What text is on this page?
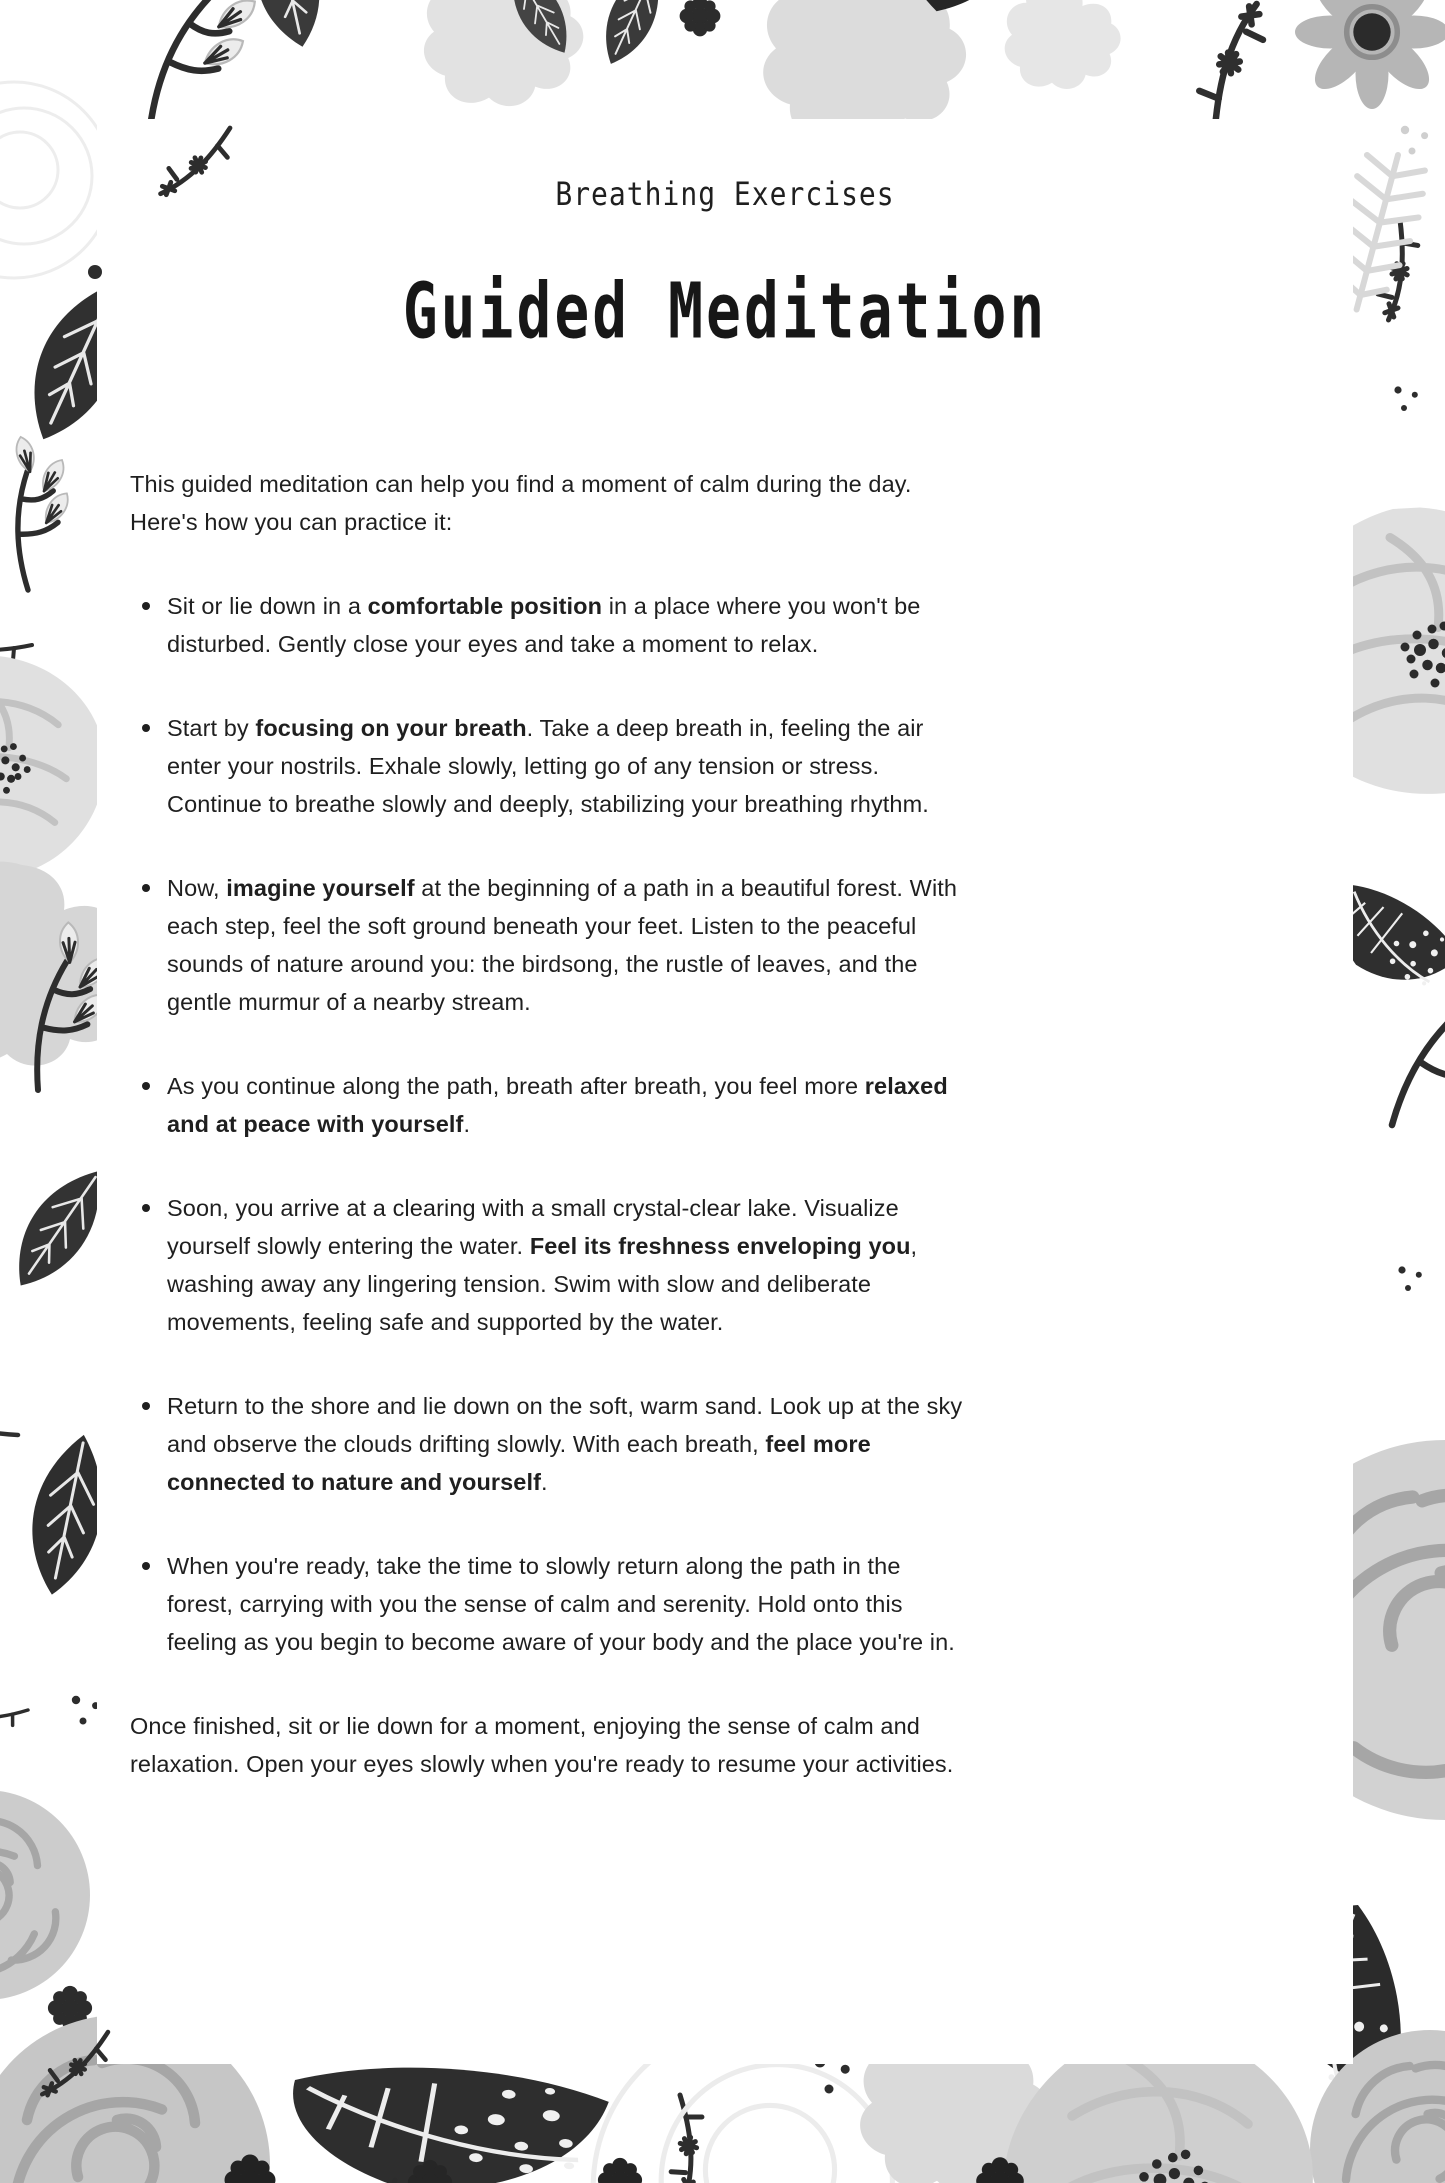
Breathing Exercises
Guided Meditation

This guided meditation can help you find a moment of calm during the day.
Here's how you can practice it:

Sit or lie down in a comfortable position in a place where you won't be disturbed. Gently close your eyes and take a moment to relax.
Start by focusing on your breath. Take a deep breath in, feeling the air enter your nostrils. Exhale slowly, letting go of any tension or stress. Continue to breathe slowly and deeply, stabilizing your breathing rhythm.
Now, imagine yourself at the beginning of a path in a beautiful forest. With each step, feel the soft ground beneath your feet. Listen to the peaceful sounds of nature around you: the birdsong, the rustle of leaves, and the gentle murmur of a nearby stream.
As you continue along the path, breath after breath, you feel more relaxed and at peace with yourself.
Soon, you arrive at a clearing with a small crystal-clear lake. Visualize yourself slowly entering the water. Feel its freshness enveloping you, washing away any lingering tension. Swim with slow and deliberate movements, feeling safe and supported by the water.
Return to the shore and lie down on the soft, warm sand. Look up at the sky and observe the clouds drifting slowly. With each breath, feel more connected to nature and yourself.
When you're ready, take the time to slowly return along the path in the forest, carrying with you the sense of calm and serenity. Hold onto this feeling as you begin to become aware of your body and the place you're in.

Once finished, sit or lie down for a moment, enjoying the sense of calm and relaxation. Open your eyes slowly when you're ready to resume your activities.
